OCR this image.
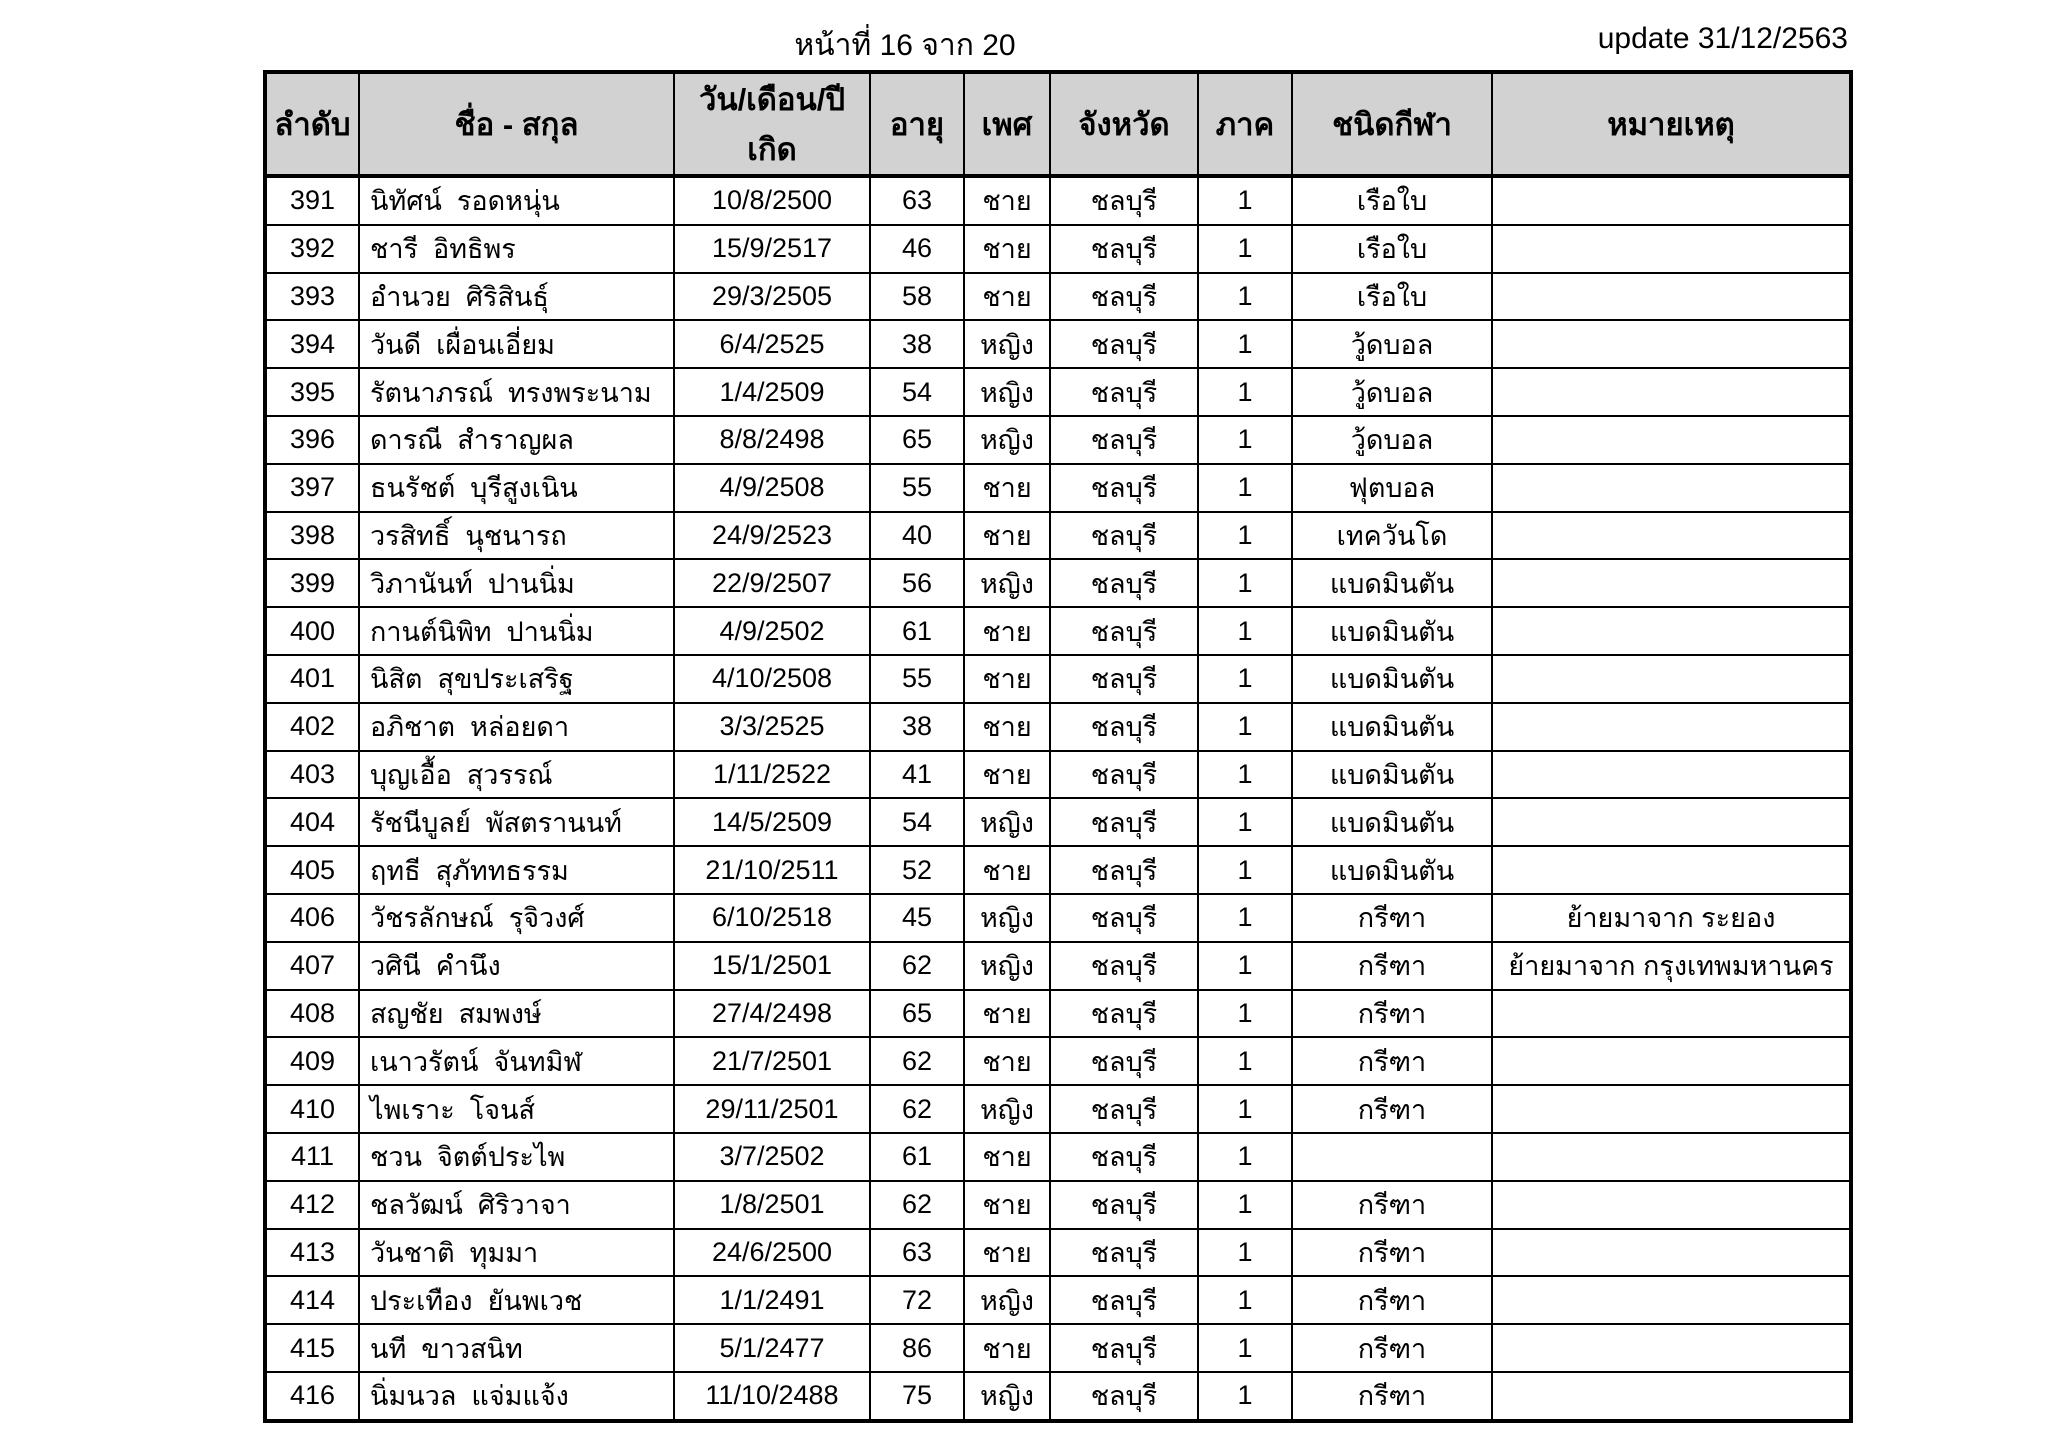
หน้าที่ 16 จาก 20	update 31/12/2563
ลำดับ	ชื่อ - สกุล	วัน/เดือน/ปีเกิด	อายุ	เพศ	จังหวัด	ภาค	ชนิดกีฬา	หมายเหตุ
391	นิทัศน์  รอดหนุ่น	10/8/2500	63	ชาย	ชลบุรี	1	เรือใบ	
392	ชารี  อิทธิพร	15/9/2517	46	ชาย	ชลบุรี	1	เรือใบ	
393	อำนวย  ศิริสินธุ์	29/3/2505	58	ชาย	ชลบุรี	1	เรือใบ	
394	วันดี  เผื่อนเอี่ยม	6/4/2525	38	หญิง	ชลบุรี	1	วู้ดบอล	
395	รัตนาภรณ์  ทรงพระนาม	1/4/2509	54	หญิง	ชลบุรี	1	วู้ดบอล	
396	ดารณี  สำราญผล	8/8/2498	65	หญิง	ชลบุรี	1	วู้ดบอล	
397	ธนรัชต์  บุรีสูงเนิน	4/9/2508	55	ชาย	ชลบุรี	1	ฟุตบอล	
398	วรสิทธิ์  นุชนารถ	24/9/2523	40	ชาย	ชลบุรี	1	เทควันโด	
399	วิภานันท์  ปานนิ่ม	22/9/2507	56	หญิง	ชลบุรี	1	แบดมินตัน	
400	กานต์นิพิท  ปานนิ่ม	4/9/2502	61	ชาย	ชลบุรี	1	แบดมินตัน	
401	นิสิต  สุขประเสริฐ	4/10/2508	55	ชาย	ชลบุรี	1	แบดมินตัน	
402	อภิชาต  หล่อยดา	3/3/2525	38	ชาย	ชลบุรี	1	แบดมินตัน	
403	บุญเอื้อ  สุวรรณ์	1/11/2522	41	ชาย	ชลบุรี	1	แบดมินตัน	
404	รัชนีบูลย์  พัสตรานนท์	14/5/2509	54	หญิง	ชลบุรี	1	แบดมินตัน	
405	ฤทธี  สุภัททธรรม	21/10/2511	52	ชาย	ชลบุรี	1	แบดมินตัน	
406	วัชรลักษณ์  รุจิวงศ์	6/10/2518	45	หญิง	ชลบุรี	1	กรีฑา	ย้ายมาจาก ระยอง
407	วศินี  คำนึง	15/1/2501	62	หญิง	ชลบุรี	1	กรีฑา	ย้ายมาจาก กรุงเทพมหานคร
408	สญชัย  สมพงษ์	27/4/2498	65	ชาย	ชลบุรี	1	กรีฑา	
409	เนาวรัตน์  จันทมิฬ	21/7/2501	62	ชาย	ชลบุรี	1	กรีฑา	
410	ไพเราะ  โจนส์	29/11/2501	62	หญิง	ชลบุรี	1	กรีฑา	
411	ชวน  จิตต์ประไพ	3/7/2502	61	ชาย	ชลบุรี	1		
412	ชลวัฒน์  ศิริวาจา	1/8/2501	62	ชาย	ชลบุรี	1	กรีฑา	
413	วันชาติ  ทุมมา	24/6/2500	63	ชาย	ชลบุรี	1	กรีฑา	
414	ประเทือง  ยันพเวช	1/1/2491	72	หญิง	ชลบุรี	1	กรีฑา	
415	นที  ขาวสนิท	5/1/2477	86	ชาย	ชลบุรี	1	กรีฑา	
416	นิ่มนวล  แจ่มแจ้ง	11/10/2488	75	หญิง	ชลบุรี	1	กรีฑา	
